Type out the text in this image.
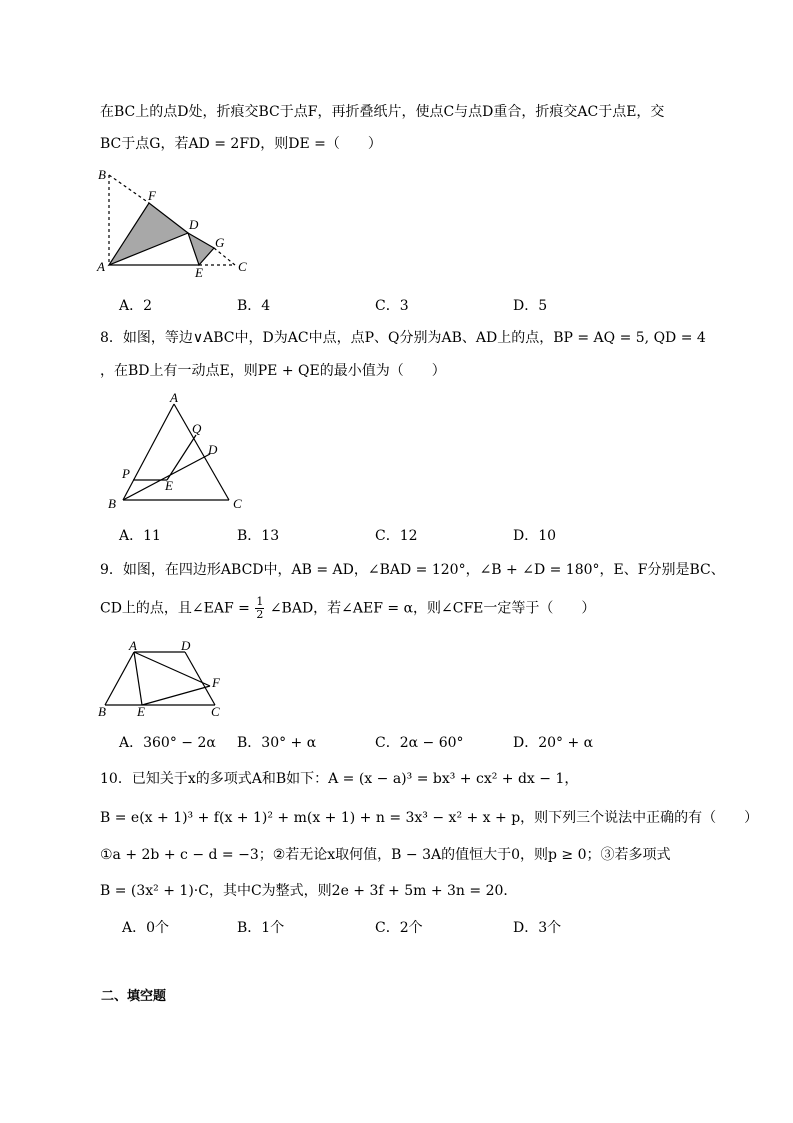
在BC上的点D处，折痕交BC于点F，再折叠纸片，使点C与点D重合，折痕交AC于点E，交
BC于点G，若AD = 2FD，则DE =（　　）
B
F
D
G
A	E	C
A．2	B．4	C．3	D．5
8．如图，等边∨ABC中，D为AC中点，点P、Q分别为AB、AD上的点，BP = AQ = 5, QD = 4
，在BD上有一动点E，则PE + QE的最小值为（　　）
A
Q
D
P
E
B	C
A．11	B．13	C．12	D．10
9．如图，在四边形ABCD中，AB = AD，∠BAD = 120°，∠B + ∠D = 180°，E、F分别是BC、
CD上的点，且∠EAF = $\frac{1}{2}$ ∠BAD，若∠AEF = α，则∠CFE一定等于（　　）
A	D
F
B E	C
A．360° − 2α B．30° + α	C．2α − 60°	D．20° + α
10．已知关于x的多项式A和B如下：A = (x − a)³ = bx³ + cx² + dx − 1，
B = e(x + 1)³ + f(x + 1)² + m(x + 1) + n = 3x³ − x² + x + p，则下列三个说法中正确的有（　　）
①a + 2b + c − d = −3；②若无论x取何值，B − 3A的值恒大于0，则p ≥ 0；③若多项式
B = (3x² + 1)·C，其中C为整式，则2e + 3f + 5m + 3n = 20．
A．0个	B．1个	C．2个	D．3个
二、填空题
